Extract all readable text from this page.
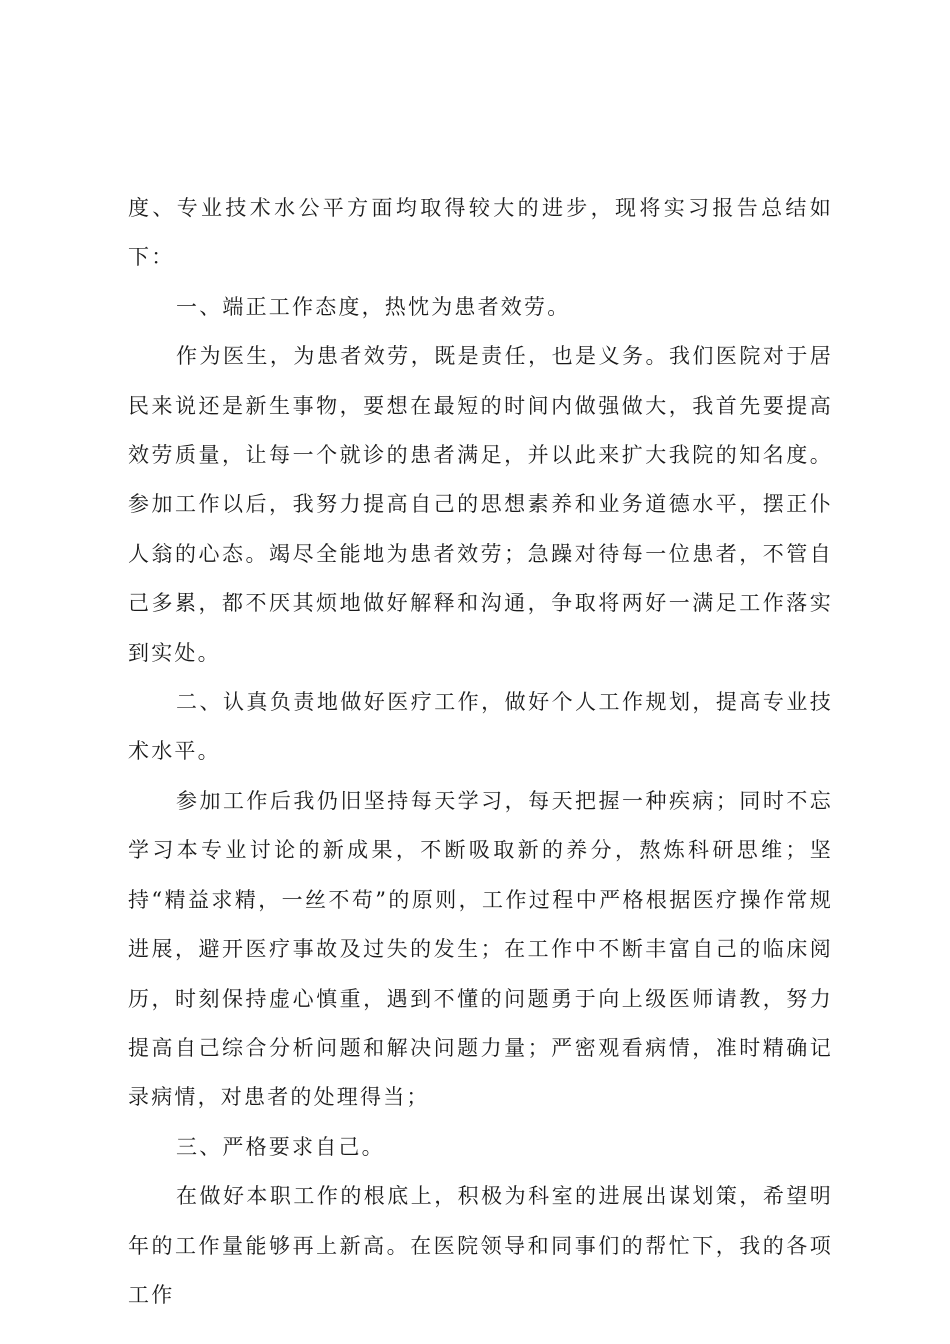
度、专业技术水公平方面均取得较大的进步，现将实习报告总结如下：

一、端正工作态度，热忱为患者效劳。

作为医生，为患者效劳，既是责任，也是义务。我们医院对于居民来说还是新生事物，要想在最短的时间内做强做大，我首先要提高效劳质量，让每一个就诊的患者满足，并以此来扩大我院的知名度。参加工作以后，我努力提高自己的思想素养和业务道德水平，摆正仆人翁的心态。竭尽全能地为患者效劳；急躁对待每一位患者，不管自己多累，都不厌其烦地做好解释和沟通，争取将两好一满足工作落实到实处。

二、认真负责地做好医疗工作，做好个人工作规划，提高专业技术水平。

参加工作后我仍旧坚持每天学习，每天把握一种疾病；同时不忘学习本专业讨论的新成果，不断吸取新的养分，熬炼科研思维；坚持“精益求精，一丝不苟”的原则，工作过程中严格根据医疗操作常规进展，避开医疗事故及过失的发生；在工作中不断丰富自己的临床阅历，时刻保持虚心慎重，遇到不懂的问题勇于向上级医师请教，努力提高自己综合分析问题和解决问题力量；严密观看病情，准时精确记录病情，对患者的处理得当；

三、严格要求自己。

在做好本职工作的根底上，积极为科室的进展出谋划策，希望明年的工作量能够再上新高。在医院领导和同事们的帮忙下，我的各项工作
